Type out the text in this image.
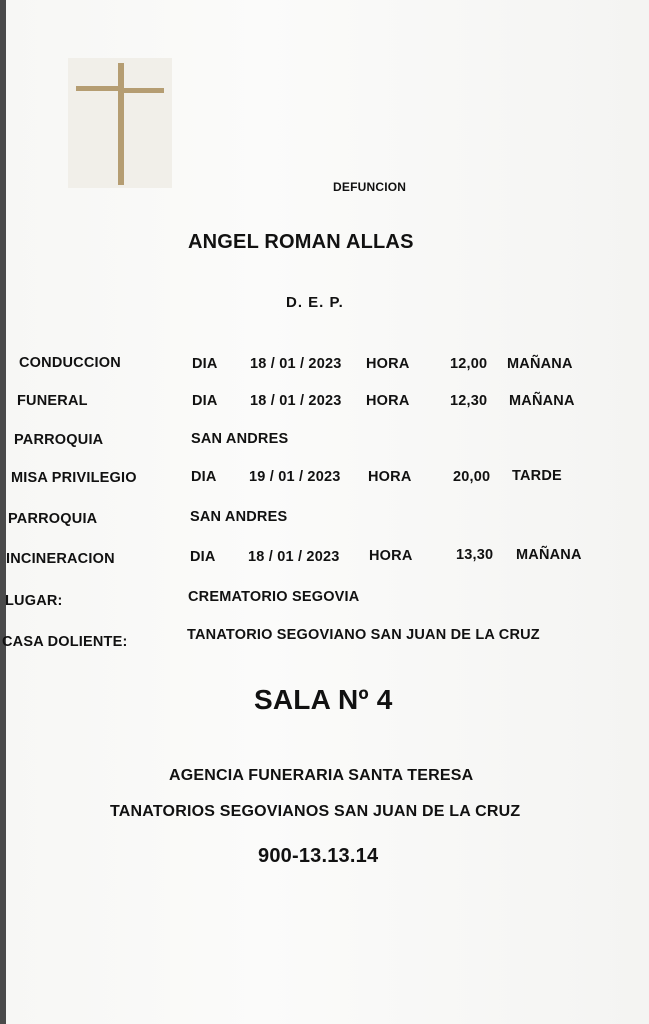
DEFUNCION
ANGEL ROMAN ALLAS
D. E. P.
CONDUCCION	DIA 18 / 01 / 2023 HORA	12,00 MAÑANA
FUNERAL	DIA 18 / 01 / 2023 HORA	12,30 MAÑANA
PARROQUIA	SAN ANDRES
MISA PRIVILEGIO	DIA 19 / 01 / 2023 HORA	20,00 TARDE
PARROQUIA	SAN ANDRES
INCINERACION	DIA 18 / 01 / 2023 HORA	13,30 MAÑANA
LUGAR:	CREMATORIO SEGOVIA
CASA DOLIENTE:	TANATORIO SEGOVIANO SAN JUAN DE LA CRUZ
SALA Nº 4
AGENCIA FUNERARIA SANTA TERESA
TANATORIOS SEGOVIANOS SAN JUAN DE LA CRUZ
900-13.13.14
